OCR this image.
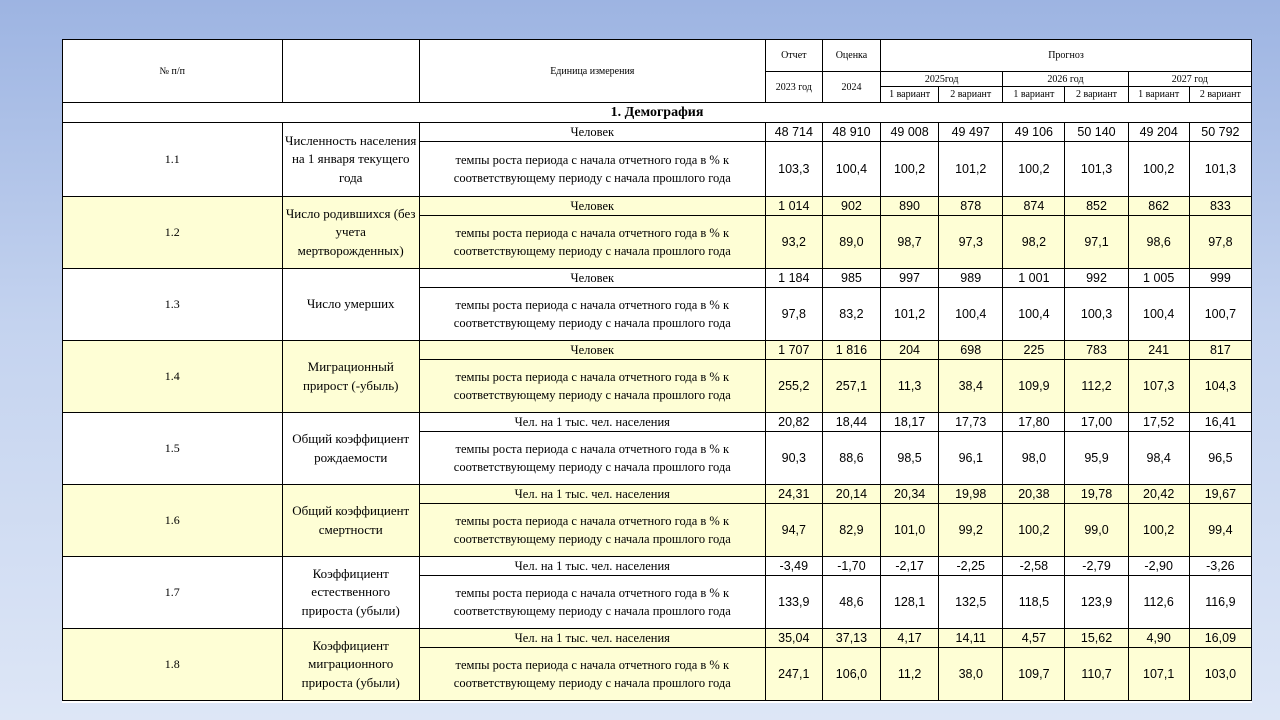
№ п/п		Единица измерения	Отчет	Оценка	Прогноз					
			2023 год	2024	2025год		2026 год		2027 год	
					1 вариант	2 вариант	1 вариант	2 вариант	1 вариант	2 вариант
1. Демография										
1.1	Численность населения на 1 января текущего года	Человек	48 714	48 910	49 008	49 497	49 106	50 140	49 204	50 792
		темпы роста периода с начала отчетного года в % к соответствующему периоду с начала прошлого года	103,3	100,4	100,2	101,2	100,2	101,3	100,2	101,3
1.2	Число родившихся (без учета мертворожденных)	Человек	1 014	902	890	878	874	852	862	833
		темпы роста периода с начала отчетного года в % к соответствующему периоду с начала прошлого года	93,2	89,0	98,7	97,3	98,2	97,1	98,6	97,8
1.3	Число умерших	Человек	1 184	985	997	989	1 001	992	1 005	999
		темпы роста периода с начала отчетного года в % к соответствующему периоду с начала прошлого года	97,8	83,2	101,2	100,4	100,4	100,3	100,4	100,7
1.4	Миграционный прирост (-убыль)	Человек	1 707	1 816	204	698	225	783	241	817
		темпы роста периода с начала отчетного года в % к соответствующему периоду с начала прошлого года	255,2	257,1	11,3	38,4	109,9	112,2	107,3	104,3
1.5	Общий коэффициент рождаемости	Чел. на 1 тыс. чел. населения	20,82	18,44	18,17	17,73	17,80	17,00	17,52	16,41
		темпы роста периода с начала отчетного года в % к соответствующему периоду с начала прошлого года	90,3	88,6	98,5	96,1	98,0	95,9	98,4	96,5
1.6	Общий коэффициент смертности	Чел. на 1 тыс. чел. населения	24,31	20,14	20,34	19,98	20,38	19,78	20,42	19,67
		темпы роста периода с начала отчетного года в % к соответствующему периоду с начала прошлого года	94,7	82,9	101,0	99,2	100,2	99,0	100,2	99,4
1.7	Коэффициент естественного прироста (убыли)	Чел. на 1 тыс. чел. населения	-3,49	-1,70	-2,17	-2,25	-2,58	-2,79	-2,90	-3,26
		темпы роста периода с начала отчетного года в % к соответствующему периоду с начала прошлого года	133,9	48,6	128,1	132,5	118,5	123,9	112,6	116,9
1.8	Коэффициент миграционного прироста (убыли)	Чел. на 1 тыс. чел. населения	35,04	37,13	4,17	14,11	4,57	15,62	4,90	16,09
		темпы роста периода с начала отчетного года в % к соответствующему периоду с начала прошлого года	247,1	106,0	11,2	38,0	109,7	110,7	107,1	103,0
